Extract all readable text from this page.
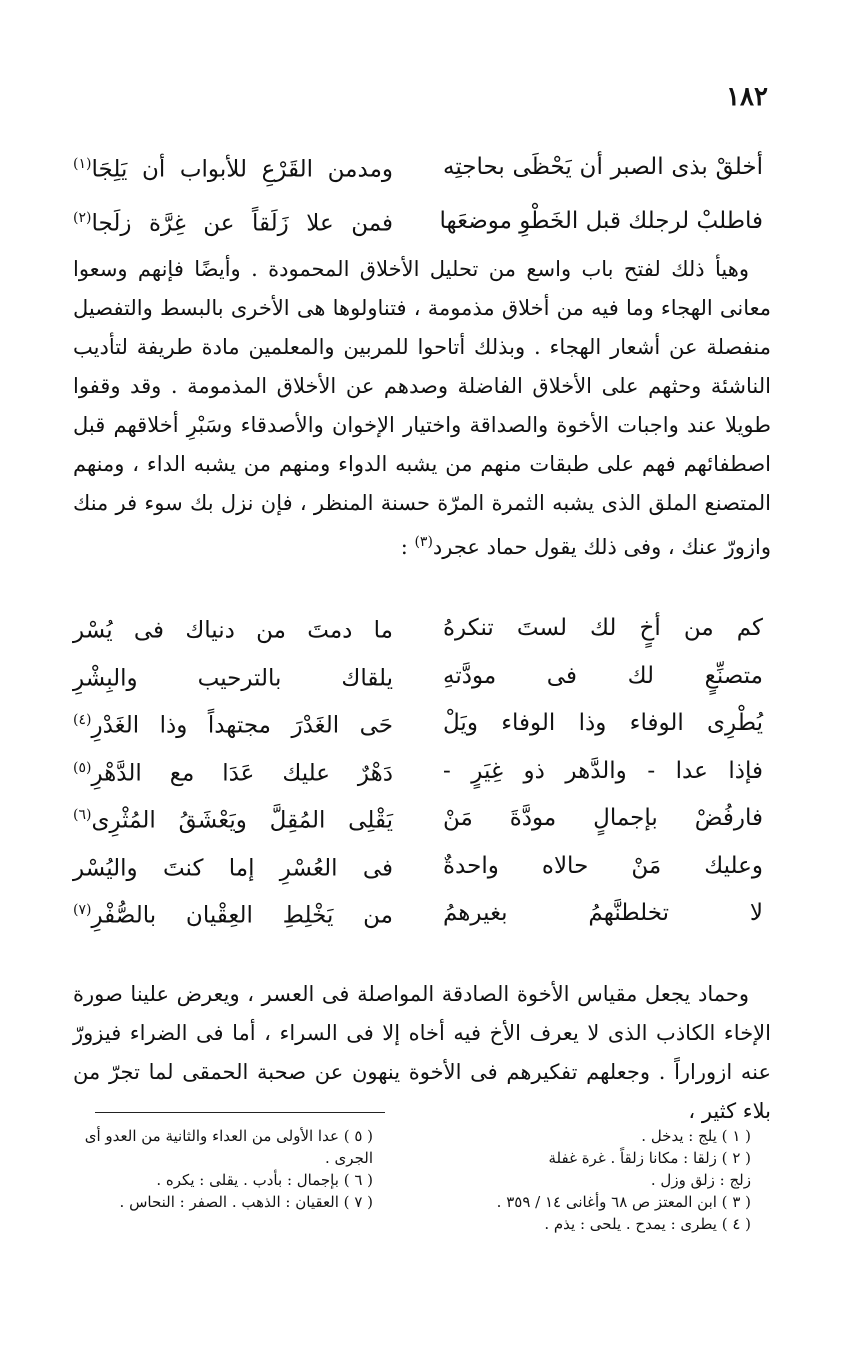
١٨٢
أخلقْ بذى الصبر أن يَحْظَى بحاجتِه
ومدمن القَرْعِ للأبواب أن يَلِجَا$^{(١)}$
فاطلبْ لرجلك قبل الخَطْوِ موضعَها
فمن علا زَلَقاً عن غِرَّة زلَجا$^{(٢)}$

وهيأ ذلك لفتح باب واسع من تحليل الأخلاق المحمودة . وأيضًا فإنهم وسعوا معانى الهجاء وما فيه من أخلاق مذمومة ، فتناولوها هى الأخرى بالبسط والتفصيل منفصلة عن أشعار الهجاء . وبذلك أتاحوا للمربين والمعلمين مادة طريفة لتأديب الناشئة وحثهم على الأخلاق الفاضلة وصدهم عن الأخلاق المذمومة . وقد وقفوا طويلا عند واجبات الأخوة والصداقة واختيار الإخوان والأصدقاء وسَبْرِ أخلاقهم قبل اصطفائهم فهم على طبقات منهم من يشبه الدواء ومنهم من يشبه الداء ، ومنهم المتصنع الملق الذى يشبه الثمرة المرّة حسنة المنظر ، فإن نزل بك سوء فر منك وازورّ عنك ، وفى ذلك يقول حماد عجرد$^{(٣)}$ :

كم من أخٍ لك لستَ تنكرهُ
ما دمتَ من دنياك فى يُسْر
متصنِّعٍ لك فى مودَّتهِ
يلقاك بالترحيب والبِشْرِ
يُطْرِى الوفاء وذا الوفاء ويَلْ
حَى الغَدْرَ مجتهداً وذا الغَدْرِ$^{(٤)}$
فإذا عدا - والدَّهر ذو غِيَرٍ -
دَهْرٌ عليك عَدَا مع الدَّهْرِ$^{(٥)}$
فارفُضْ بإجمالٍ مودَّةَ مَنْ
يَقْلِى المُقِلَّ ويَعْشَقُ المُثْرِى$^{(٦)}$
وعليك مَنْ حالاه واحدةٌ
فى العُسْرِ إما كنتَ واليُسْر
لا تخلطنَّهمُ بغيرهمُ
من يَخْلِطِ العِقْيان بالصُّفْرِ$^{(٧)}$

وحماد يجعل مقياس الأخوة الصادقة المواصلة فى العسر ، ويعرض علينا صورة الإخاء الكاذب الذى لا يعرف الأخ فيه أخاه إلا فى السراء ، أما فى الضراء فيزورّ عنه ازوراراً . وجعلهم تفكيرهم فى الأخوة ينهون عن صحبة الحمقى لما تجرّ من بلاء كثير ،

( ١ ) يلج : يدخل .

( ٢ ) زلقا : مكانا زلقاً . غرة غفلة

زلج : زلق وزل .

( ٣ ) ابن المعتز ص ٦٨ وأغانى ١٤ / ٣٥٩ .

( ٤ ) يطرى : يمدح . يلحى : يذم .

( ٥ ) عدا الأولى من العداء والثانية من العدو أى الجرى .

( ٦ ) بإجمال : بأدب . يقلى : يكره .

( ٧ ) العقيان : الذهب . الصفر : النحاس .
